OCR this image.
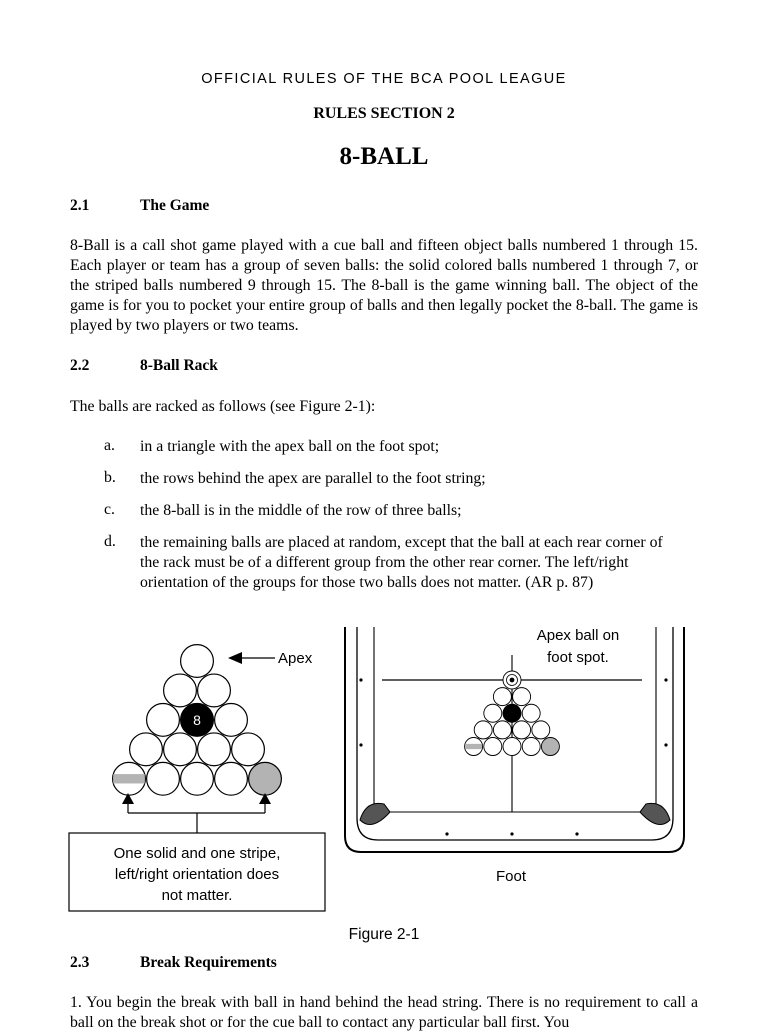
OFFICIAL RULES OF THE BCA POOL LEAGUE
RULES SECTION 2
8-BALL
2.1	The Game
8-Ball is a call shot game played with a cue ball and fifteen object balls numbered 1 through 15. Each player or team has a group of seven balls: the solid colored balls numbered 1 through 7, or the striped balls numbered 9 through 15. The 8-ball is the game winning ball. The object of the game is for you to pocket your entire group of balls and then legally pocket the 8-ball. The game is played by two players or two teams.
2.2	8-Ball Rack
The balls are racked as follows (see Figure 2-1):
a. in a triangle with the apex ball on the foot spot;
b. the rows behind the apex are parallel to the foot string;
c. the 8-ball is in the middle of the row of three balls;
d. the remaining balls are placed at random, except that the ball at each rear corner of the rack must be of a different group from the other rear corner. The left/right orientation of the groups for those two balls does not matter. (AR p. 87)
8
Apex
One solid and one stripe,
left/right orientation does
not matter.
Apex ball on
foot spot.
Foot
Figure 2-1
2.3	Break Requirements
1. You begin the break with ball in hand behind the head string. There is no requirement to call a ball on the break shot or for the cue ball to contact any particular ball first. You
